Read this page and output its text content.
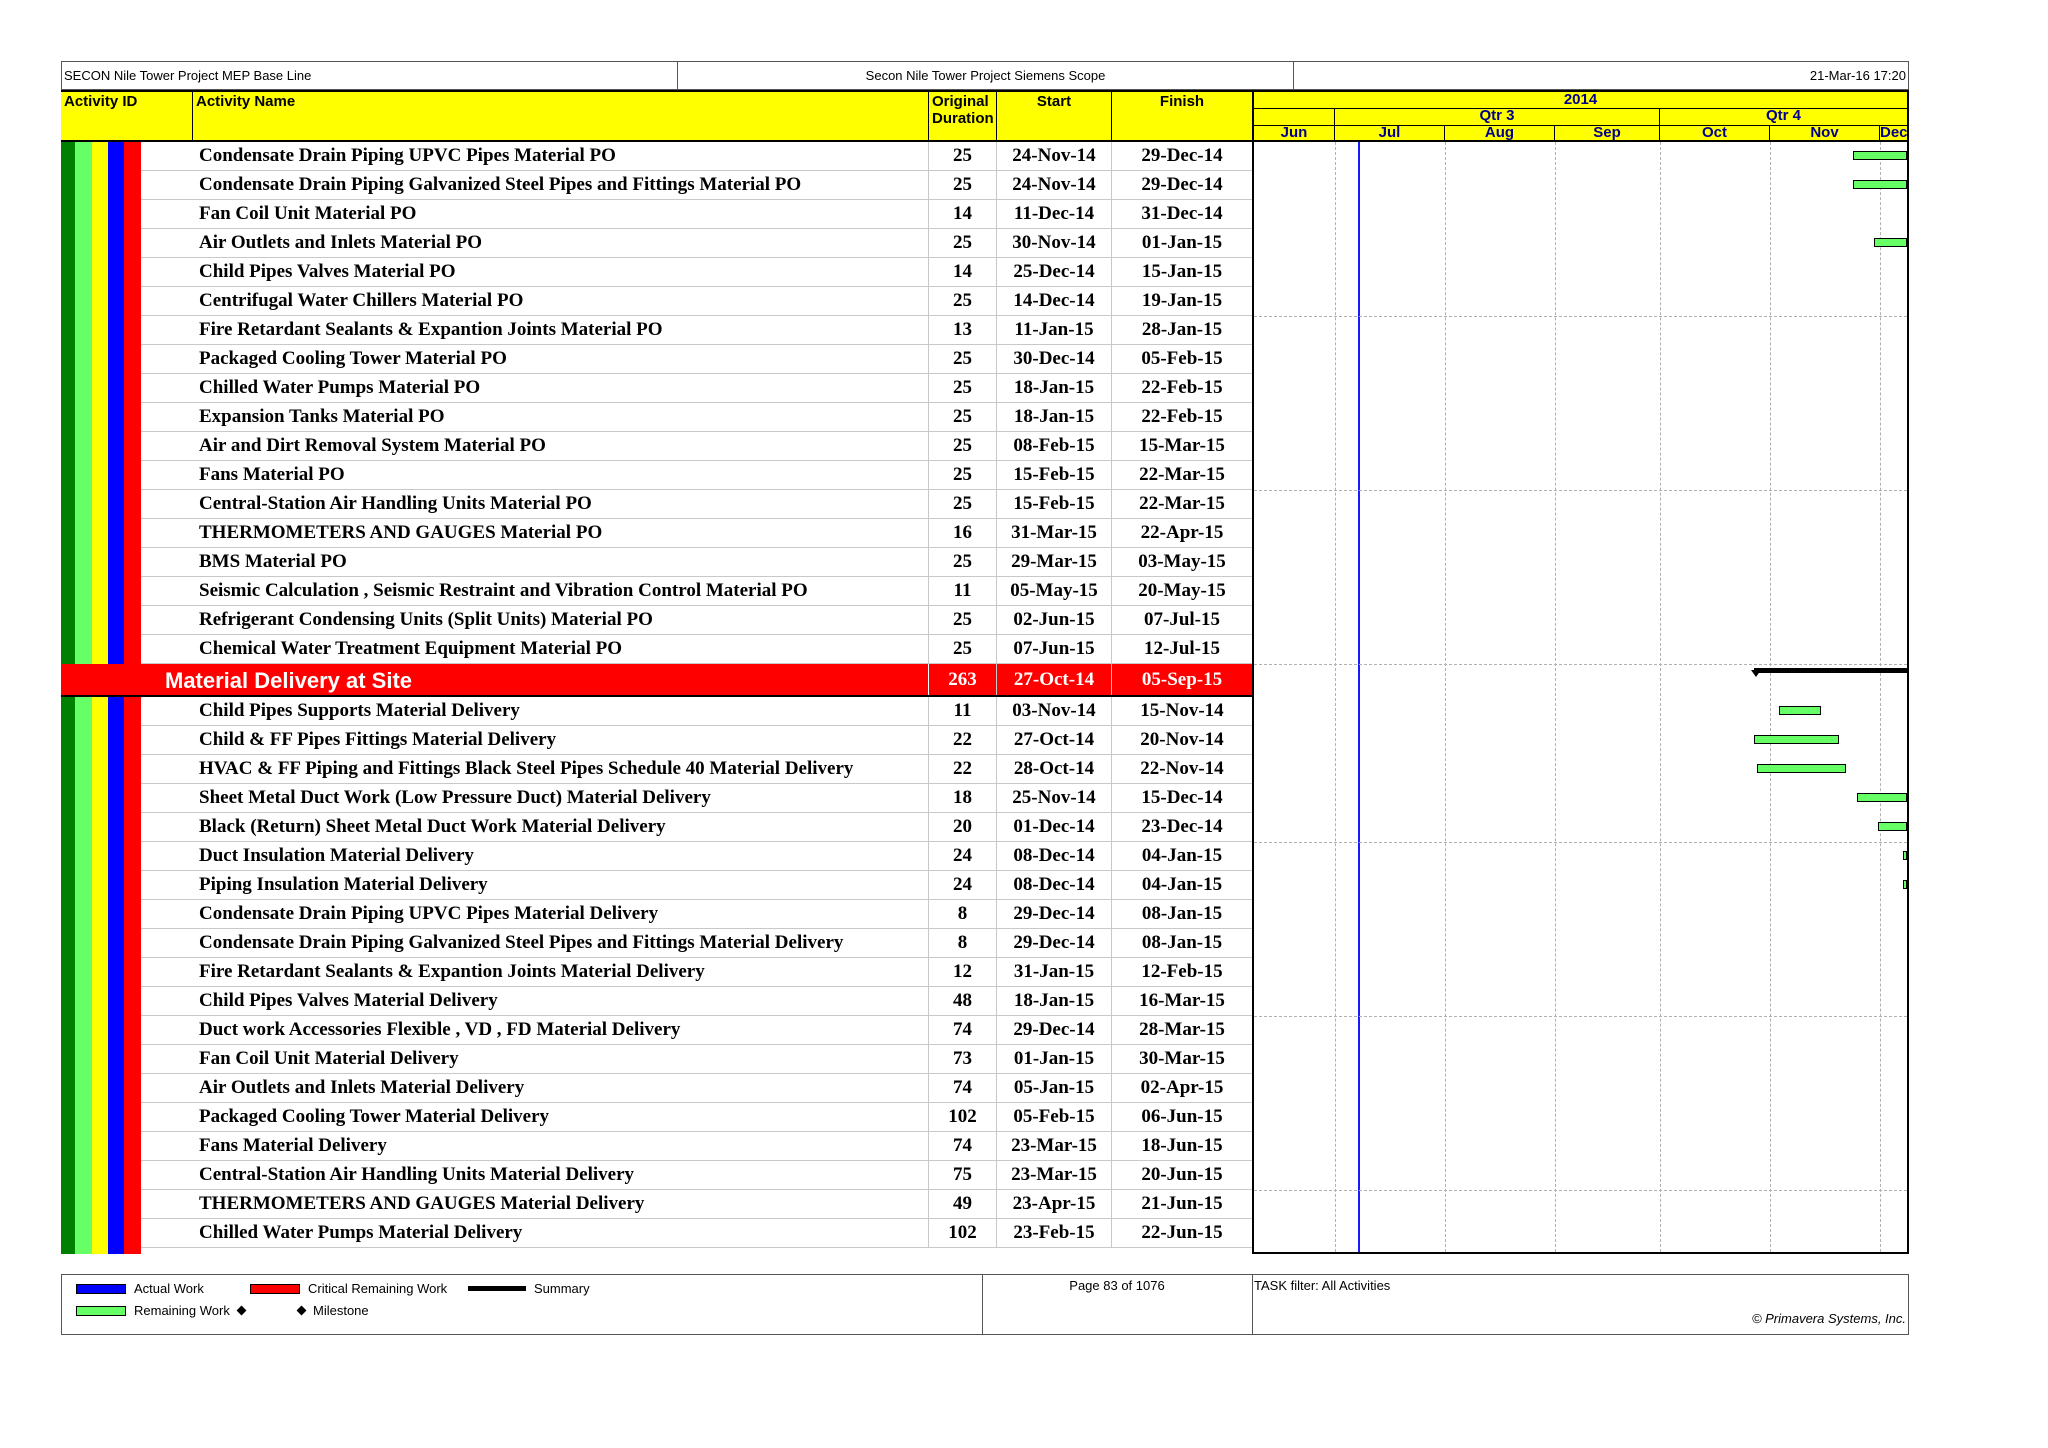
SECON Nile Tower Project MEP Base Line	Secon Nile Tower Project Siemens Scope	21-Mar-16 17:20
Activity ID	Activity Name	Original
Duration
Start	Finish	2014
Qtr 3	Qtr 4
Jun	Jul	Aug	Sep	Oct	Nov	Dec
Condensate Drain Piping UPVC Pipes Material PO	25	24-Nov-14	29-Dec-14
Condensate Drain Piping Galvanized Steel Pipes and Fittings Material PO	25	24-Nov-14	29-Dec-14
Fan Coil Unit Material PO	14	11-Dec-14	31-Dec-14
Air Outlets and Inlets Material PO	25	30-Nov-14	01-Jan-15
Child Pipes Valves Material PO	14	25-Dec-14	15-Jan-15
Centrifugal Water Chillers Material PO	25	14-Dec-14	19-Jan-15
Fire Retardant Sealants & Expantion Joints Material PO	13	11-Jan-15	28-Jan-15
Packaged Cooling Tower Material PO	25	30-Dec-14	05-Feb-15
Chilled Water Pumps Material PO	25	18-Jan-15	22-Feb-15
Expansion Tanks Material PO	25	18-Jan-15	22-Feb-15
Air and Dirt Removal System Material PO	25	08-Feb-15	15-Mar-15
Fans Material PO	25	15-Feb-15	22-Mar-15
Central-Station Air Handling Units Material PO	25	15-Feb-15	22-Mar-15
THERMOMETERS AND GAUGES Material PO	16	31-Mar-15	22-Apr-15
BMS Material PO	25	29-Mar-15	03-May-15
Seismic Calculation , Seismic Restraint and Vibration Control Material PO	11	05-May-15	20-May-15
Refrigerant Condensing Units (Split Units) Material PO	25	02-Jun-15	07-Jul-15
Chemical Water Treatment Equipment Material PO	25	07-Jun-15	12-Jul-15
Material Delivery at Site	263	27-Oct-14	05-Sep-15
Child Pipes Supports Material Delivery	11	03-Nov-14	15-Nov-14
Child & FF Pipes Fittings Material Delivery	22	27-Oct-14	20-Nov-14
HVAC & FF Piping and Fittings Black Steel Pipes Schedule 40 Material Delivery	22	28-Oct-14	22-Nov-14
Sheet Metal Duct Work (Low Pressure Duct) Material Delivery	18	25-Nov-14	15-Dec-14
Black (Return) Sheet Metal Duct Work Material Delivery	20	01-Dec-14	23-Dec-14
Duct Insulation Material Delivery	24	08-Dec-14	04-Jan-15
Piping Insulation Material Delivery	24	08-Dec-14	04-Jan-15
Condensate Drain Piping UPVC Pipes Material Delivery	8	29-Dec-14	08-Jan-15
Condensate Drain Piping Galvanized Steel Pipes and Fittings Material Delivery	8	29-Dec-14	08-Jan-15
Fire Retardant Sealants & Expantion Joints Material Delivery	12	31-Jan-15	12-Feb-15
Child Pipes Valves Material Delivery	48	18-Jan-15	16-Mar-15
Duct work Accessories Flexible , VD , FD Material Delivery	74	29-Dec-14	28-Mar-15
Fan Coil Unit Material Delivery	73	01-Jan-15	30-Mar-15
Air Outlets and Inlets Material Delivery	74	05-Jan-15	02-Apr-15
Packaged Cooling Tower Material Delivery	102	05-Feb-15	06-Jun-15
Fans Material Delivery	74	23-Mar-15	18-Jun-15
Central-Station Air Handling Units Material Delivery	75	23-Mar-15	20-Jun-15
THERMOMETERS AND GAUGES Material Delivery	49	23-Apr-15	21-Jun-15
Chilled Water Pumps Material Delivery	102	23-Feb-15	22-Jun-15
Actual Work	Critical Remaining Work	Summary
Remaining Work	Milestone
Page 83 of 1076	TASK filter: All Activities
© Primavera Systems, Inc.
